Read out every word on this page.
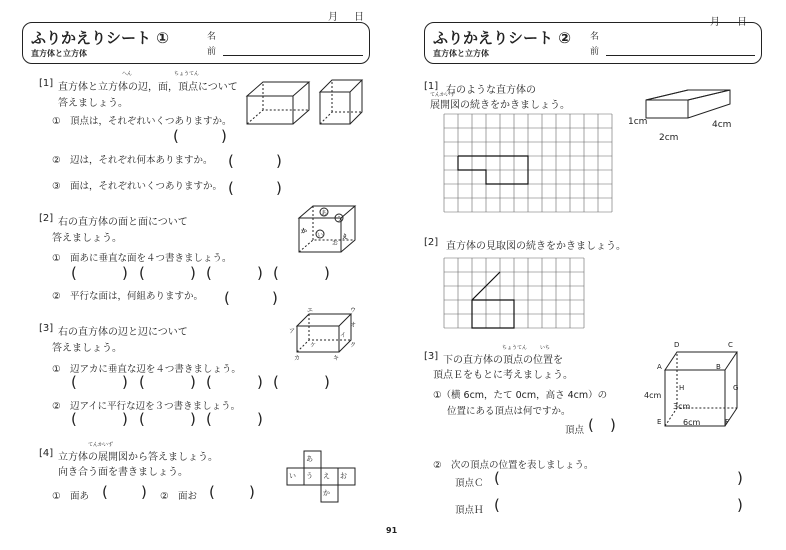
月 日
ふりかえりシート ①
直方体と立方体
名
前
[1]
へん	ちょうてん
直方体と立方体の辺，面，頂点について
答えましょう。
①　頂点は，それぞれいくつありますか。
(	)
②　辺は，それぞれ何本ありますか。 (	)
③　面は，それぞれいくつありますか。 (	)
[2] 右の直方体の面と面について
答えましょう。
あ
い
う
か
え
お
①　面あに垂直な面を４つ書きましょう。
(	) (	) (	) (	)
②　平行な面は，何組ありますか。 (	)
[3] 右の直方体の辺と辺について
答えましょう。
エ	ウ
ア
イ
オ
ケ
カ	キ
ク
①　辺アカに垂直な辺を４つ書きましょう。
(	) (	) (	) (	)
②　辺アイに平行な辺を３つ書きましょう。
(	) (	) (	)
てんかいず
[4] 立方体の展開図から答えましょう。
向き合う面を書きましょう。
あ
い う え お
か
①　面あ ( ) ②　面お ( )
91
月 日
ふりかえりシート ②
直方体と立方体
名
前
[1] 右のような直方体の
てんかいず
展開図の続きをかきましょう。
1cm
2cm
4cm
[2] 直方体の見取図の続きをかきましょう。
ちょうてん	いち
[3] 下の直方体の頂点の位置を
頂点Ｅをもとに考えましょう。
①（横 6cm，たて 0cm，高さ 4cm）の
位置にある頂点は何ですか。
頂点 ( )
②　次の頂点の位置を表しましょう。
頂点Ｃ (	)
頂点Ｈ (	)
D	C
A	B
H	G
E	F
4cm
3cm
6cm
